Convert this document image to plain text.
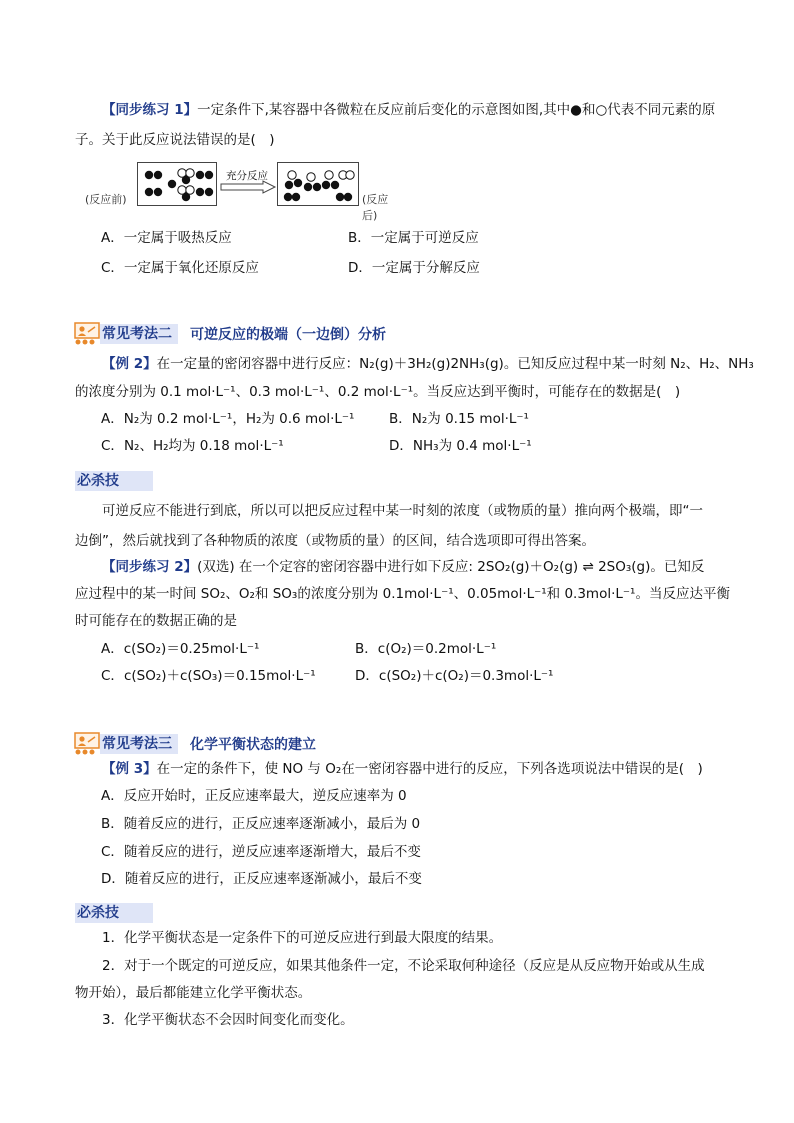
【同步练习 1】一定条件下,某容器中各微粒在反应前后变化的示意图如图,其中●和○代表不同元素的原
子。关于此反应说法错误的是(　)
(反应前)
充分反应
(反应后)
A．一定属于吸热反应	B．一定属于可逆反应
C．一定属于氧化还原反应	D．一定属于分解反应
常见考法二 可逆反应的极端（一边倒）分析
【例 2】在一定量的密闭容器中进行反应：N₂(g)＋3H₂(g)2NH₃(g)。已知反应过程中某一时刻 N₂、H₂、NH₃
的浓度分别为 0.1 mol·L⁻¹、0.3 mol·L⁻¹、0.2 mol·L⁻¹。当反应达到平衡时，可能存在的数据是(　)
A．N₂为 0.2 mol·L⁻¹，H₂为 0.6 mol·L⁻¹	B．N₂为 0.15 mol·L⁻¹
C．N₂、H₂均为 0.18 mol·L⁻¹	D．NH₃为 0.4 mol·L⁻¹
必杀技
可逆反应不能进行到底，所以可以把反应过程中某一时刻的浓度（或物质的量）推向两个极端，即“一
边倒”，然后就找到了各种物质的浓度（或物质的量）的区间，结合选项即可得出答案。
【同步练习 2】(双选) 在一个定容的密闭容器中进行如下反应: 2SO₂(g)＋O₂(g) ⇌ 2SO₃(g)。已知反
应过程中的某一时间 SO₂、O₂和 SO₃的浓度分别为 0.1mol·L⁻¹、0.05mol·L⁻¹和 0.3mol·L⁻¹。当反应达平衡
时可能存在的数据正确的是
A．c(SO₂)＝0.25mol·L⁻¹	B．c(O₂)＝0.2mol·L⁻¹
C．c(SO₂)＋c(SO₃)＝0.15mol·L⁻¹	D．c(SO₂)＋c(O₂)＝0.3mol·L⁻¹
常见考法三 化学平衡状态的建立
【例 3】在一定的条件下，使 NO 与 O₂在一密闭容器中进行的反应，下列各选项说法中错误的是(　)
A．反应开始时，正反应速率最大，逆反应速率为 0
B．随着反应的进行，正反应速率逐渐减小，最后为 0
C．随着反应的进行，逆反应速率逐渐增大，最后不变
D．随着反应的进行，正反应速率逐渐减小，最后不变
必杀技
1．化学平衡状态是一定条件下的可逆反应进行到最大限度的结果。
2．对于一个既定的可逆反应，如果其他条件一定，不论采取何种途径（反应是从反应物开始或从生成
物开始），最后都能建立化学平衡状态。
3．化学平衡状态不会因时间变化而变化。
